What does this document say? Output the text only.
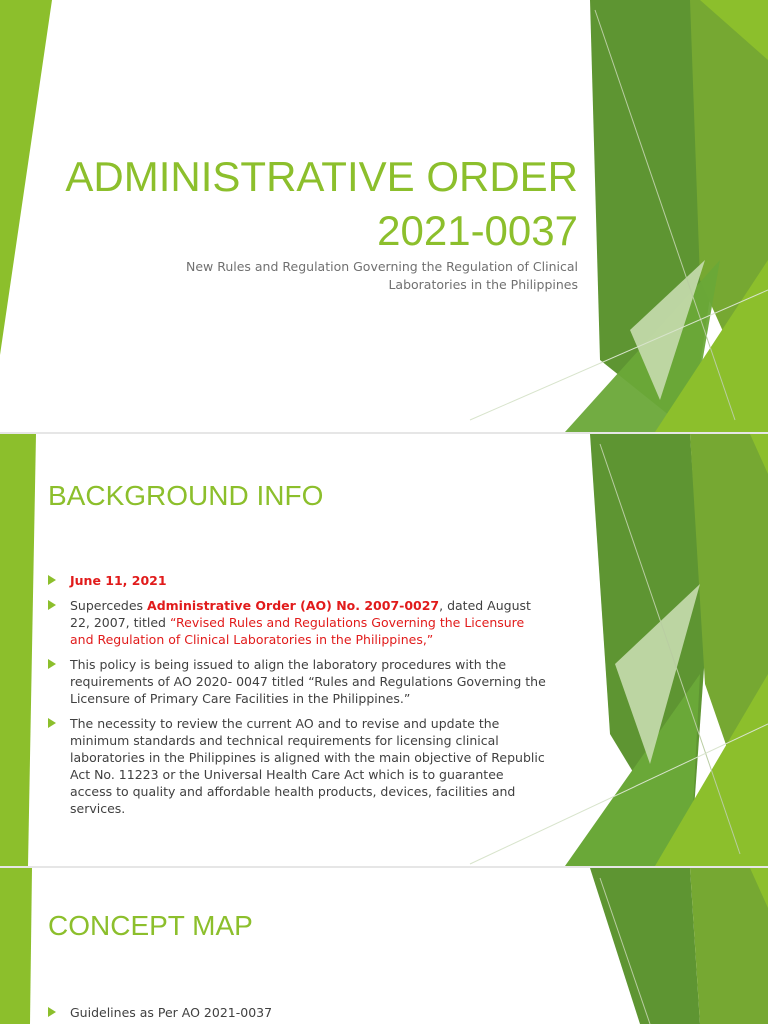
ADMINISTRATIVE ORDER
2021-0037
New Rules and Regulation Governing the Regulation of Clinical
Laboratories in the Philippines
BACKGROUND INFO
June 11, 2021
Supercedes Administrative Order (AO) No. 2007-0027, dated August 22, 2007, titled “Revised Rules and Regulations Governing the Licensure and Regulation of Clinical Laboratories in the Philippines,”
This policy is being issued to align the laboratory procedures with the requirements of AO 2020- 0047 titled “Rules and Regulations Governing the Licensure of Primary Care Facilities in the Philippines.”
The necessity to review the current AO and to revise and update the minimum standards and technical requirements for licensing clinical laboratories in the Philippines is aligned with the main objective of Republic Act No. 11223 or the Universal Health Care Act which is to guarantee access to quality and affordable health products, devices, facilities and services.
CONCEPT MAP
Guidelines as Per AO 2021-0037
